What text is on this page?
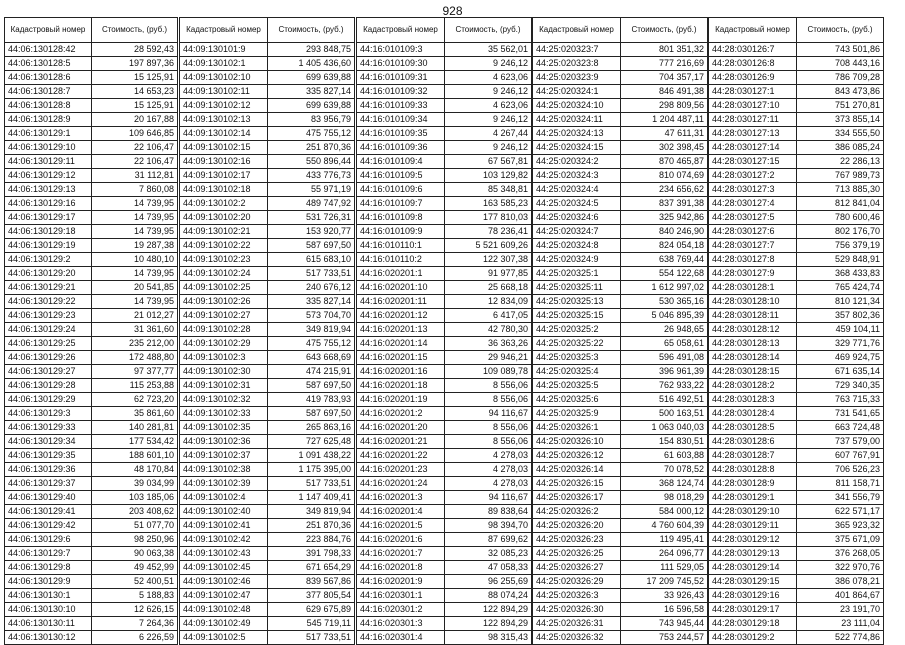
928
Кадастровый номер	Стоимость, (руб.)
44:06:130128:42	28 592,43
44:06:130128:5	197 897,36
44:06:130128:6	15 125,91
44:06:130128:7	14 653,23
44:06:130128:8	15 125,91
44:06:130128:9	20 167,88
44:06:130129:1	109 646,85
44:06:130129:10	22 106,47
44:06:130129:11	22 106,47
44:06:130129:12	31 112,81
44:06:130129:13	7 860,08
44:06:130129:16	14 739,95
44:06:130129:17	14 739,95
44:06:130129:18	14 739,95
44:06:130129:19	19 287,38
44:06:130129:2	10 480,10
44:06:130129:20	14 739,95
44:06:130129:21	20 541,85
44:06:130129:22	14 739,95
44:06:130129:23	21 012,27
44:06:130129:24	31 361,60
44:06:130129:25	235 212,00
44:06:130129:26	172 488,80
44:06:130129:27	97 377,77
44:06:130129:28	115 253,88
44:06:130129:29	62 723,20
44:06:130129:3	35 861,60
44:06:130129:33	140 281,81
44:06:130129:34	177 534,42
44:06:130129:35	188 601,10
44:06:130129:36	48 170,84
44:06:130129:37	39 034,99
44:06:130129:40	103 185,06
44:06:130129:41	203 408,62
44:06:130129:42	51 077,70
44:06:130129:6	98 250,96
44:06:130129:7	90 063,38
44:06:130129:8	49 452,99
44:06:130129:9	52 400,51
44:06:130130:1	5 188,83
44:06:130130:10	12 626,15
44:06:130130:11	7 264,36
44:06:130130:12	6 226,59
Кадастровый номер	Стоимость, (руб.)
44:09:130101:9	293 848,75
44:09:130102:1	1 405 436,60
44:09:130102:10	699 639,88
44:09:130102:11	335 827,14
44:09:130102:12	699 639,88
44:09:130102:13	83 956,79
44:09:130102:14	475 755,12
44:09:130102:15	251 870,36
44:09:130102:16	550 896,44
44:09:130102:17	433 776,73
44:09:130102:18	55 971,19
44:09:130102:2	489 747,92
44:09:130102:20	531 726,31
44:09:130102:21	153 920,77
44:09:130102:22	587 697,50
44:09:130102:23	615 683,10
44:09:130102:24	517 733,51
44:09:130102:25	240 676,12
44:09:130102:26	335 827,14
44:09:130102:27	573 704,70
44:09:130102:28	349 819,94
44:09:130102:29	475 755,12
44:09:130102:3	643 668,69
44:09:130102:30	474 215,91
44:09:130102:31	587 697,50
44:09:130102:32	419 783,93
44:09:130102:33	587 697,50
44:09:130102:35	265 863,16
44:09:130102:36	727 625,48
44:09:130102:37	1 091 438,22
44:09:130102:38	1 175 395,00
44:09:130102:39	517 733,51
44:09:130102:4	1 147 409,41
44:09:130102:40	349 819,94
44:09:130102:41	251 870,36
44:09:130102:42	223 884,76
44:09:130102:43	391 798,33
44:09:130102:45	671 654,29
44:09:130102:46	839 567,86
44:09:130102:47	377 805,54
44:09:130102:48	629 675,89
44:09:130102:49	545 719,11
44:09:130102:5	517 733,51
Кадастровый номер	Стоимость, (руб.)
44:16:010109:3	35 562,01
44:16:010109:30	9 246,12
44:16:010109:31	4 623,06
44:16:010109:32	9 246,12
44:16:010109:33	4 623,06
44:16:010109:34	9 246,12
44:16:010109:35	4 267,44
44:16:010109:36	9 246,12
44:16:010109:4	67 567,81
44:16:010109:5	103 129,82
44:16:010109:6	85 348,81
44:16:010109:7	163 585,23
44:16:010109:8	177 810,03
44:16:010109:9	78 236,41
44:16:010110:1	5 521 609,26
44:16:010110:2	122 307,38
44:16:020201:1	91 977,85
44:16:020201:10	25 668,18
44:16:020201:11	12 834,09
44:16:020201:12	6 417,05
44:16:020201:13	42 780,30
44:16:020201:14	36 363,26
44:16:020201:15	29 946,21
44:16:020201:16	109 089,78
44:16:020201:18	8 556,06
44:16:020201:19	8 556,06
44:16:020201:2	94 116,67
44:16:020201:20	8 556,06
44:16:020201:21	8 556,06
44:16:020201:22	4 278,03
44:16:020201:23	4 278,03
44:16:020201:24	4 278,03
44:16:020201:3	94 116,67
44:16:020201:4	89 838,64
44:16:020201:5	98 394,70
44:16:020201:6	87 699,62
44:16:020201:7	32 085,23
44:16:020201:8	47 058,33
44:16:020201:9	96 255,69
44:16:020301:1	88 074,24
44:16:020301:2	122 894,29
44:16:020301:3	122 894,29
44:16:020301:4	98 315,43
Кадастровый номер	Стоимость, (руб.)
44:25:020323:7	801 351,32
44:25:020323:8	777 216,69
44:25:020323:9	704 357,17
44:25:020324:1	846 491,38
44:25:020324:10	298 809,56
44:25:020324:11	1 204 487,11
44:25:020324:13	47 611,31
44:25:020324:15	302 398,45
44:25:020324:2	870 465,87
44:25:020324:3	810 074,69
44:25:020324:4	234 656,62
44:25:020324:5	837 391,38
44:25:020324:6	325 942,86
44:25:020324:7	840 246,90
44:25:020324:8	824 054,18
44:25:020324:9	638 769,44
44:25:020325:1	554 122,68
44:25:020325:11	1 612 997,02
44:25:020325:13	530 365,16
44:25:020325:15	5 046 895,39
44:25:020325:2	26 948,65
44:25:020325:22	65 058,61
44:25:020325:3	596 491,08
44:25:020325:4	396 961,39
44:25:020325:5	762 933,22
44:25:020325:6	516 492,51
44:25:020325:9	500 163,51
44:25:020326:1	1 063 040,03
44:25:020326:10	154 830,51
44:25:020326:12	61 603,88
44:25:020326:14	70 078,52
44:25:020326:15	368 124,74
44:25:020326:17	98 018,29
44:25:020326:2	584 000,12
44:25:020326:20	4 760 604,39
44:25:020326:23	119 495,41
44:25:020326:25	264 096,77
44:25:020326:27	111 529,05
44:25:020326:29	17 209 745,52
44:25:020326:3	33 926,43
44:25:020326:30	16 596,58
44:25:020326:31	743 945,44
44:25:020326:32	753 244,57
Кадастровый номер	Стоимость, (руб.)
44:28:030126:7	743 501,86
44:28:030126:8	708 443,16
44:28:030126:9	786 709,28
44:28:030127:1	843 473,86
44:28:030127:10	751 270,81
44:28:030127:11	373 855,14
44:28:030127:13	334 555,50
44:28:030127:14	386 085,24
44:28:030127:15	22 286,13
44:28:030127:2	767 989,73
44:28:030127:3	713 885,30
44:28:030127:4	812 841,04
44:28:030127:5	780 600,46
44:28:030127:6	802 176,70
44:28:030127:7	756 379,19
44:28:030127:8	529 848,91
44:28:030127:9	368 433,83
44:28:030128:1	765 424,74
44:28:030128:10	810 121,34
44:28:030128:11	357 802,36
44:28:030128:12	459 104,11
44:28:030128:13	329 771,76
44:28:030128:14	469 924,75
44:28:030128:15	671 635,14
44:28:030128:2	729 340,35
44:28:030128:3	763 715,33
44:28:030128:4	731 541,65
44:28:030128:5	663 724,48
44:28:030128:6	737 579,00
44:28:030128:7	607 767,91
44:28:030128:8	706 526,23
44:28:030128:9	811 158,71
44:28:030129:1	341 556,79
44:28:030129:10	622 571,17
44:28:030129:11	365 923,32
44:28:030129:12	375 671,09
44:28:030129:13	376 268,05
44:28:030129:14	322 970,76
44:28:030129:15	386 078,21
44:28:030129:16	401 864,67
44:28:030129:17	23 191,70
44:28:030129:18	23 111,04
44:28:030129:2	522 774,86
